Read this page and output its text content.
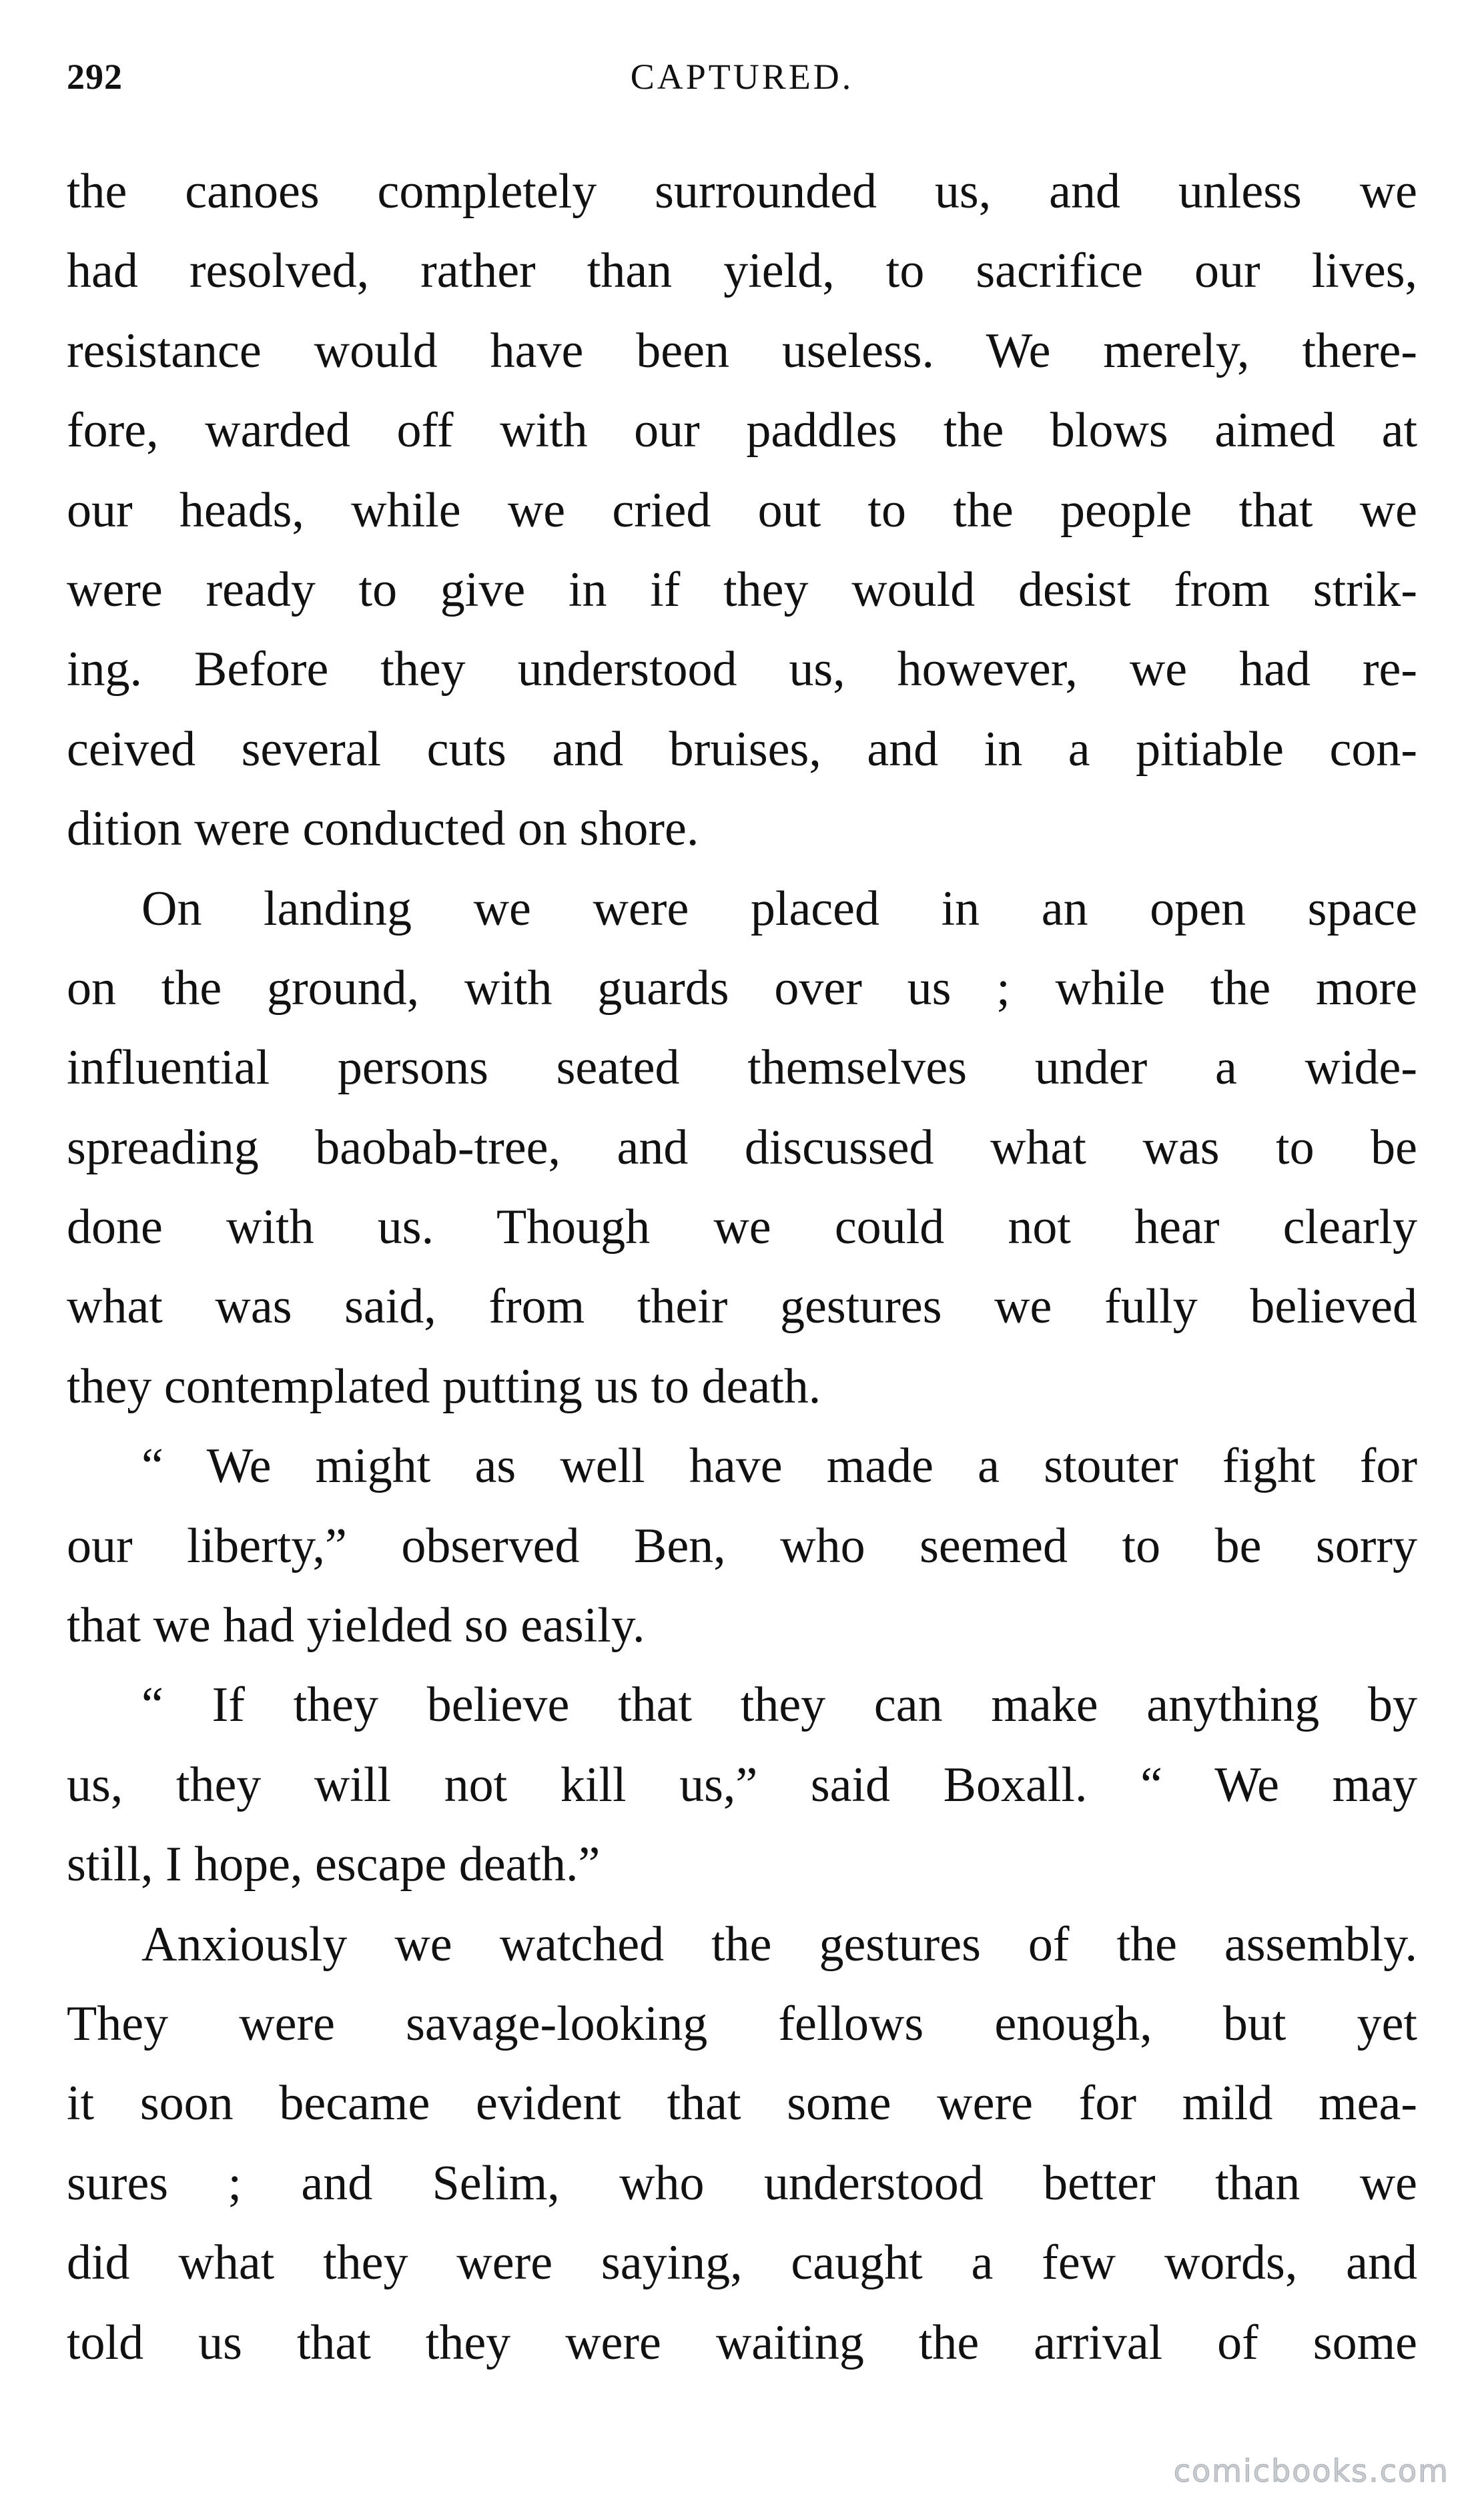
292	CAPTURED.
the canoes completely surrounded us, and unless we
had resolved, rather than yield, to sacrifice our lives,
resistance would have been useless. We merely, there-
fore, warded off with our paddles the blows aimed at
our heads, while we cried out to the people that we
were ready to give in if they would desist from strik-
ing. Before they understood us, however, we had re-
ceived several cuts and bruises, and in a pitiable con-
dition were conducted on shore.
On landing we were placed in an open space
on the ground, with guards over us ; while the more
influential persons seated themselves under a wide-
spreading baobab-tree, and discussed what was to be
done with us. Though we could not hear clearly
what was said, from their gestures we fully believed
they contemplated putting us to death.
“ We might as well have made a stouter fight for
our liberty,” observed Ben, who seemed to be sorry
that we had yielded so easily.
“ If they believe that they can make anything by
us, they will not kill us,” said Boxall. “ We may
still, I hope, escape death.”
Anxiously we watched the gestures of the assembly.
They were savage-looking fellows enough, but yet
it soon became evident that some were for mild mea-
sures ; and Selim, who understood better than we
did what they were saying, caught a few words, and
told us that they were waiting the arrival of some
comicbooks.com
